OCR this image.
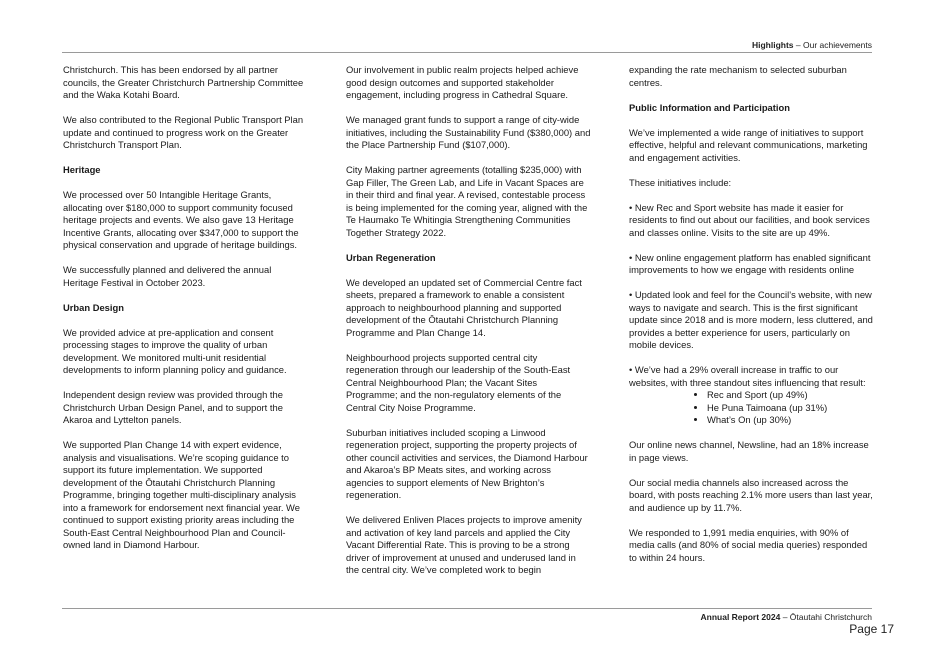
Highlights – Our achievements

Christchurch. This has been endorsed by all partner councils, the Greater Christchurch Partnership Committee and the Waka Kotahi Board.

We also contributed to the Regional Public Transport Plan update and continued to progress work on the Greater Christchurch Transport Plan.

Heritage

We processed over 50 Intangible Heritage Grants, allocating over $180,000 to support community focused heritage projects and events. We also gave 13 Heritage Incentive Grants, allocating over $347,000 to support the physical conservation and upgrade of heritage buildings.

We successfully planned and delivered the annual Heritage Festival in October 2023.

Urban Design

We provided advice at pre-application and consent processing stages to improve the quality of urban development. We monitored multi-unit residential developments to inform planning policy and guidance.

Independent design review was provided through the Christchurch Urban Design Panel, and to support the Akaroa and Lyttelton panels.

We supported Plan Change 14 with expert evidence, analysis and visualisations. We’re scoping guidance to support its future implementation. We supported development of the Ōtautahi Christchurch Planning Programme, bringing together multi-disciplinary analysis into a framework for endorsement next financial year. We continued to support existing priority areas including the South-East Central Neighbourhood Plan and Council-owned land in Diamond Harbour.

Our involvement in public realm projects helped achieve good design outcomes and supported stakeholder engagement, including progress in Cathedral Square.

We managed grant funds to support a range of city-wide initiatives, including the Sustainability Fund ($380,000) and the Place Partnership Fund ($107,000).

City Making partner agreements (totalling $235,000) with Gap Filler, The Green Lab, and Life in Vacant Spaces are in their third and final year. A revised, contestable process is being implemented for the coming year, aligned with the Te Haumako Te Whitingia Strengthening Communities Together Strategy 2022.

Urban Regeneration

We developed an updated set of Commercial Centre fact sheets, prepared a framework to enable a consistent approach to neighbourhood planning and supported development of the Ōtautahi Christchurch Planning Programme and Plan Change 14.

Neighbourhood projects supported central city regeneration through our leadership of the South-East Central Neighbourhood Plan; the Vacant Sites Programme; and the non-regulatory elements of the Central City Noise Programme.

Suburban initiatives included scoping a Linwood regeneration project, supporting the property projects of other council activities and services, the Diamond Harbour and Akaroa’s BP Meats sites, and working across agencies to support elements of New Brighton’s regeneration.

We delivered Enliven Places projects to improve amenity and activation of key land parcels and applied the City Vacant Differential Rate. This is proving to be a strong driver of improvement at unused and underused land in the central city. We’ve completed work to begin

expanding the rate mechanism to selected suburban centres.

Public Information and Participation

We’ve implemented a wide range of initiatives to support effective, helpful and relevant communications, marketing and engagement activities.

These initiatives include:

• New Rec and Sport website has made it easier for residents to find out about our facilities, and book services and classes online. Visits to the site are up 49%.

• New online engagement platform has enabled significant improvements to how we engage with residents online

• Updated look and feel for the Council’s website, with new ways to navigate and search. This is the first significant update since 2018 and is more modern, less cluttered, and provides a better experience for users, particularly on mobile devices.

• We’ve had a 29% overall increase in traffic to our websites, with three standout sites influencing that result:

• Rec and Sport (up 49%)
• He Puna Taimoana (up 31%)
• What’s On (up 30%)

Our online news channel, Newsline, had an 18% increase in page views.

Our social media channels also increased across the board, with posts reaching 2.1% more users than last year, and audience up by 11.7%.

We responded to 1,991 media enquiries, with 90% of media calls (and 80% of social media queries) responded to within 24 hours.

Annual Report 2024 – Ōtautahi Christchurch
Page 17
